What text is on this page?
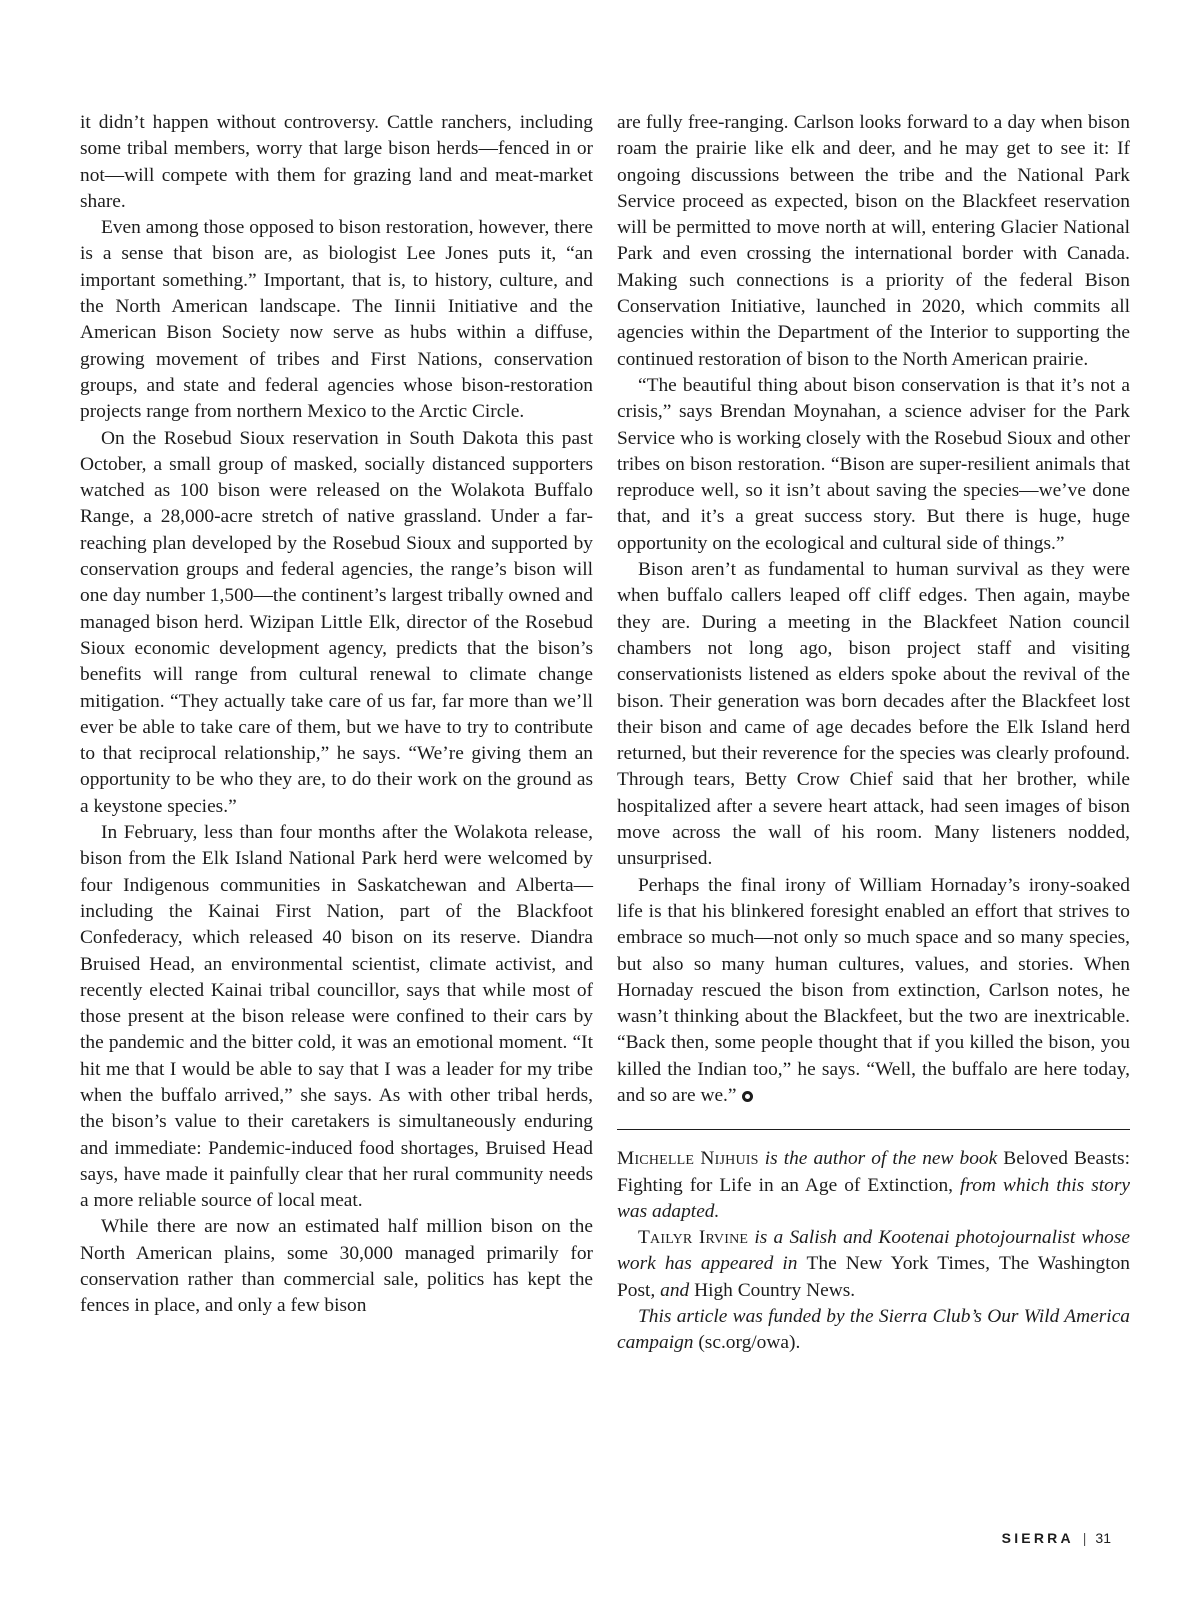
it didn’t happen without controversy. Cattle ranchers, including some tribal members, worry that large bison herds—fenced in or not—will compete with them for grazing land and meat-market share.

Even among those opposed to bison restoration, however, there is a sense that bison are, as biologist Lee Jones puts it, “an important something.” Important, that is, to history, culture, and the North American landscape. The Iinnii Initiative and the American Bison Society now serve as hubs within a diffuse, growing movement of tribes and First Nations, conservation groups, and state and federal agencies whose bison-restoration projects range from northern Mexico to the Arctic Circle.

On the Rosebud Sioux reservation in South Dakota this past October, a small group of masked, socially distanced supporters watched as 100 bison were released on the Wolakota Buffalo Range, a 28,000-acre stretch of native grassland. Under a far-reaching plan developed by the Rosebud Sioux and supported by conservation groups and federal agencies, the range’s bison will one day number 1,500—the continent’s largest tribally owned and managed bison herd. Wizipan Little Elk, director of the Rosebud Sioux economic development agency, predicts that the bison’s benefits will range from cultural renewal to climate change mitigation. “They actually take care of us far, far more than we’ll ever be able to take care of them, but we have to try to contribute to that reciprocal relationship,” he says. “We’re giving them an opportunity to be who they are, to do their work on the ground as a keystone species.”

In February, less than four months after the Wolakota release, bison from the Elk Island National Park herd were welcomed by four Indigenous communities in Saskatchewan and Alberta—including the Kainai First Nation, part of the Blackfoot Confederacy, which released 40 bison on its reserve. Diandra Bruised Head, an environmental scientist, climate activist, and recently elected Kainai tribal councillor, says that while most of those present at the bison release were confined to their cars by the pandemic and the bitter cold, it was an emotional moment. “It hit me that I would be able to say that I was a leader for my tribe when the buffalo arrived,” she says. As with other tribal herds, the bison’s value to their caretakers is simultaneously enduring and immediate: Pandemic-induced food shortages, Bruised Head says, have made it painfully clear that her rural community needs a more reliable source of local meat.

While there are now an estimated half million bison on the North American plains, some 30,000 managed primarily for conservation rather than commercial sale, politics has kept the fences in place, and only a few bison

are fully free-ranging. Carlson looks forward to a day when bison roam the prairie like elk and deer, and he may get to see it: If ongoing discussions between the tribe and the National Park Service proceed as expected, bison on the Blackfeet reservation will be permitted to move north at will, entering Glacier National Park and even crossing the international border with Canada. Making such connections is a priority of the federal Bison Conservation Initiative, launched in 2020, which commits all agencies within the Department of the Interior to supporting the continued restoration of bison to the North American prairie.

“The beautiful thing about bison conservation is that it’s not a crisis,” says Brendan Moynahan, a science adviser for the Park Service who is working closely with the Rosebud Sioux and other tribes on bison restoration. “Bison are super-resilient animals that reproduce well, so it isn’t about saving the species—we’ve done that, and it’s a great success story. But there is huge, huge opportunity on the ecological and cultural side of things.”

Bison aren’t as fundamental to human survival as they were when buffalo callers leaped off cliff edges. Then again, maybe they are. During a meeting in the Blackfeet Nation council chambers not long ago, bison project staff and visiting conservationists listened as elders spoke about the revival of the bison. Their generation was born decades after the Blackfeet lost their bison and came of age decades before the Elk Island herd returned, but their reverence for the species was clearly profound. Through tears, Betty Crow Chief said that her brother, while hospitalized after a severe heart attack, had seen images of bison move across the wall of his room. Many listeners nodded, unsurprised.

Perhaps the final irony of William Hornaday’s irony-soaked life is that his blinkered foresight enabled an effort that strives to embrace so much—not only so much space and so many species, but also so many human cultures, values, and stories. When Hornaday rescued the bison from extinction, Carlson notes, he wasn’t thinking about the Blackfeet, but the two are inextricable. “Back then, some people thought that if you killed the bison, you killed the Indian too,” he says. “Well, the buffalo are here today, and so are we.”

Michelle Nijhuis is the author of the new book Beloved Beasts: Fighting for Life in an Age of Extinction, from which this story was adapted.

Tailyr Irvine is a Salish and Kootenai photojournalist whose work has appeared in The New York Times, The Washington Post, and High Country News.

This article was funded by the Sierra Club’s Our Wild America campaign (sc.org/owa).

SIERRA | 31
